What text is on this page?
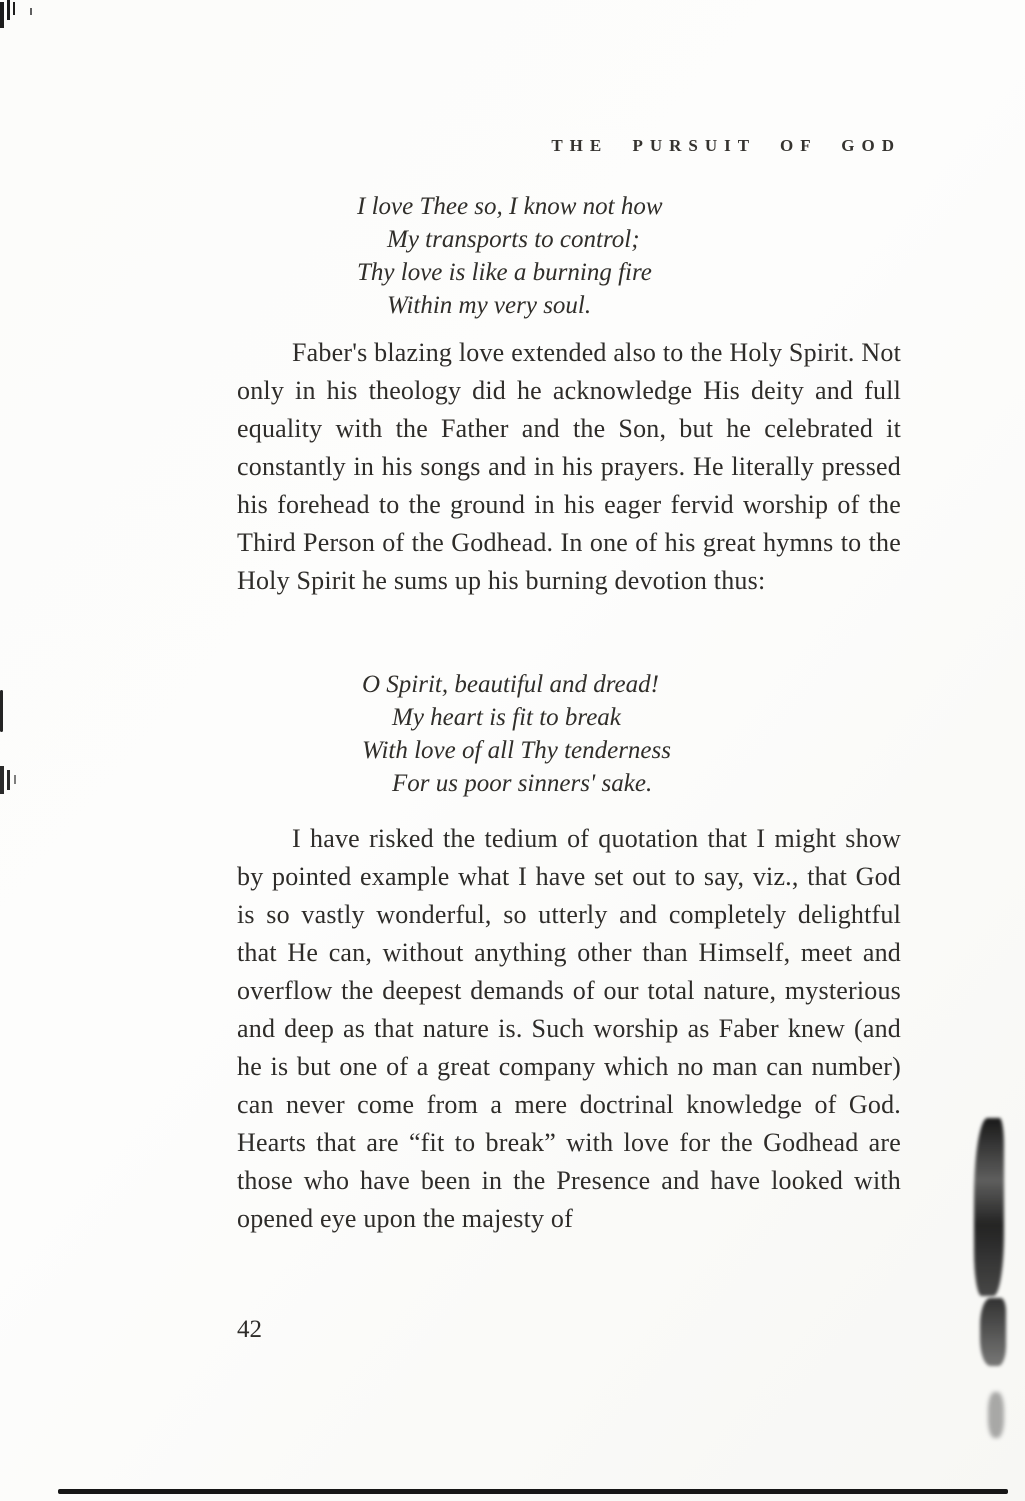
THE PURSUIT OF GOD
I love Thee so, I know not how
My transports to control;
Thy love is like a burning fire
Within my very soul.

Faber's blazing love extended also to the Holy Spirit. Not only in his theology did he acknowledge His deity and full equality with the Father and the Son, but he celebrated it constantly in his songs and in his prayers. He literally pressed his forehead to the ground in his eager fervid worship of the Third Person of the Godhead. In one of his great hymns to the Holy Spirit he sums up his burning devotion thus:

O Spirit, beautiful and dread!
My heart is fit to break
With love of all Thy tenderness
For us poor sinners' sake.

I have risked the tedium of quotation that I might show by pointed example what I have set out to say, viz., that God is so vastly wonderful, so utterly and completely delightful that He can, without anything other than Himself, meet and overflow the deepest demands of our total nature, mysterious and deep as that nature is. Such worship as Faber knew (and he is but one of a great company which no man can number) can never come from a mere doctrinal knowledge of God. Hearts that are “fit to break” with love for the Godhead are those who have been in the Presence and have looked with opened eye upon the majesty of

42
